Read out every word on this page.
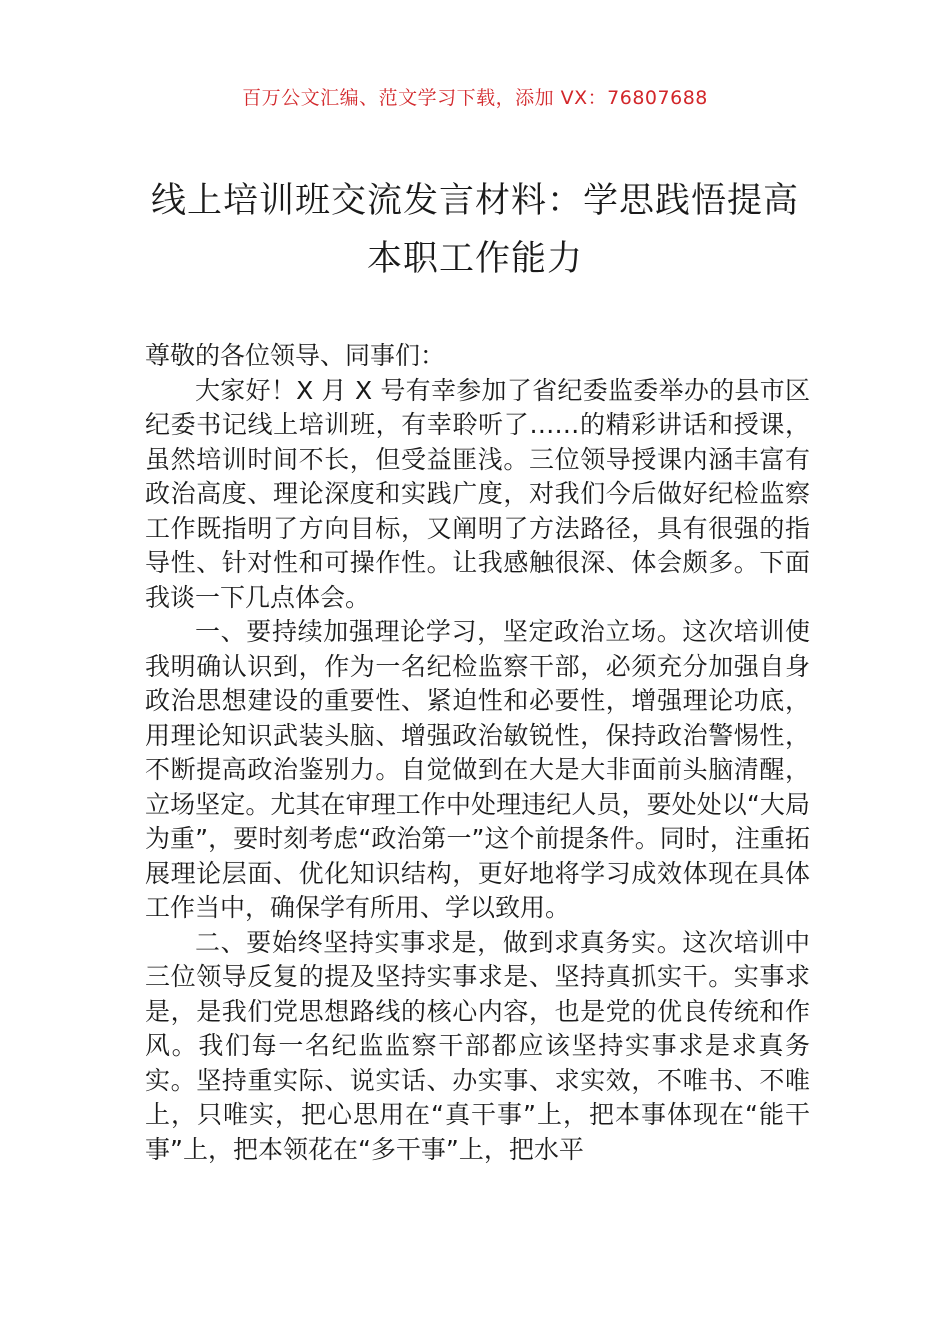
百万公文汇编、范文学习下载，添加 VX：76807688
线上培训班交流发言材料：学思践悟提高
本职工作能力

尊敬的各位领导、同事们：

大家好！X 月 X 号有幸参加了省纪委监委举办的县市区纪委书记线上培训班，有幸聆听了……的精彩讲话和授课，虽然培训时间不长，但受益匪浅。三位领导授课内涵丰富有政治高度、理论深度和实践广度，对我们今后做好纪检监察工作既指明了方向目标，又阐明了方法路径，具有很强的指导性、针对性和可操作性。让我感触很深、体会颇多。下面我谈一下几点体会。

一、要持续加强理论学习，坚定政治立场。这次培训使我明确认识到，作为一名纪检监察干部，必须充分加强自身政治思想建设的重要性、紧迫性和必要性，增强理论功底，用理论知识武装头脑、增强政治敏锐性，保持政治警惕性，不断提高政治鉴别力。自觉做到在大是大非面前头脑清醒，立场坚定。尤其在审理工作中处理违纪人员，要处处以“大局为重”，要时刻考虑“政治第一”这个前提条件。同时，注重拓展理论层面、优化知识结构，更好地将学习成效体现在具体工作当中，确保学有所用、学以致用。

二、要始终坚持实事求是，做到求真务实。这次培训中三位领导反复的提及坚持实事求是、坚持真抓实干。实事求是，是我们党思想路线的核心内容，也是党的优良传统和作风。我们每一名纪监监察干部都应该坚持实事求是求真务实。坚持重实际、说实话、办实事、求实效，不唯书、不唯上，只唯实，把心思用在“真干事”上，把本事体现在“能干事”上，把本领花在“多干事”上，把水平
